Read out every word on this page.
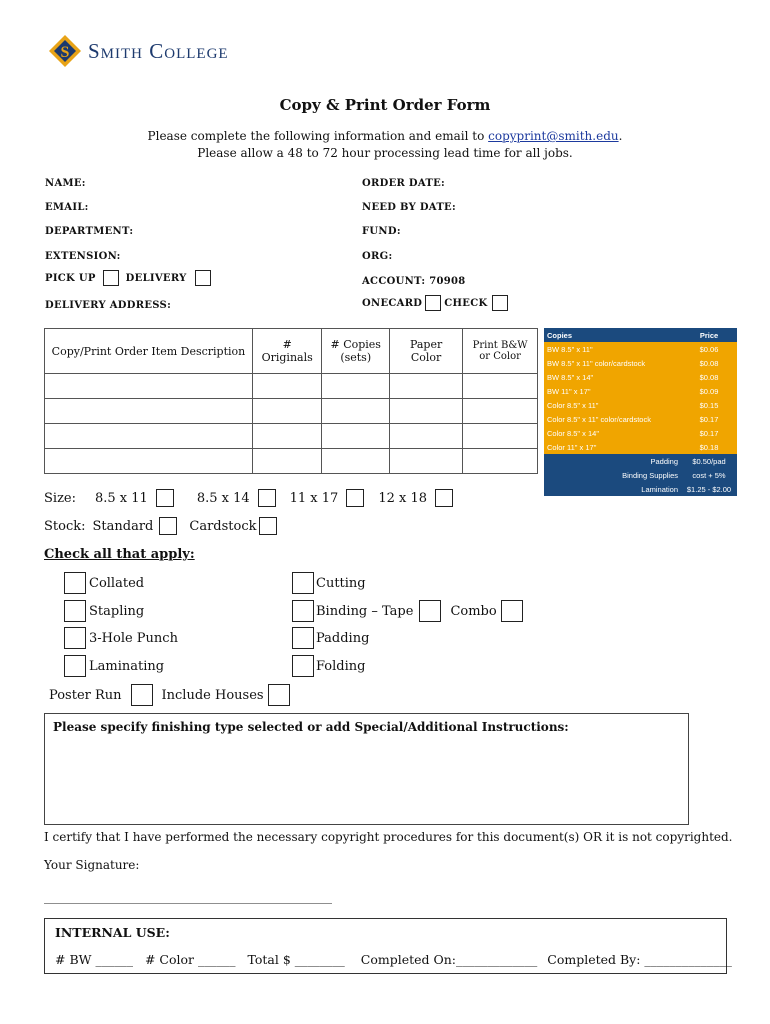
S Smith College
Copy & Print Order Form
Please complete the following information and email to copyprint@smith.edu.
Please allow a 48 to 72 hour processing lead time for all jobs.
NAME:
EMAIL:
DEPARTMENT:
EXTENSION:
PICK UP	DELIVERY
DELIVERY ADDRESS:
ORDER DATE:
NEED BY DATE:
FUND:
ORG:
ACCOUNT: 70908
ONECARD CHECK
Copy/Print Order Item Description	# Originals	# Copies (sets)	Paper Color	Print B&W or Color

Copies	Price
BW 8.5" x 11"	$0.06
BW 8.5" x 11" color/cardstock	$0.08
BW 8.5" x 14"	$0.08
BW 11" x 17"	$0.09
Color 8.5" x 11"	$0.15
Color 8.5" x 11" color/cardstock	$0.17
Color 8.5" x 14"	$0.17
Color 11" x 17"	$0.18
Padding	$0.50/pad
Binding Supplies	cost + 5%
Lamination	$1.25 - $2.00
Size: 8.5 x 11	8.5 x 14	11 x 17	12 x 18
Stock: Standard	Cardstock
Check all that apply:
Collated
Stapling
3-Hole Punch
Laminating
Cutting
Binding – Tape	Combo
Padding
Folding
Poster Run	Include Houses
Please specify finishing type selected or add Special/Additional Instructions:
I certify that I have performed the necessary copyright procedures for this document(s) OR it is not copyrighted.
Your Signature:
________________________________________________
INTERNAL USE:
# BW ______ # Color ______ Total $ ________ Completed On:_____________ Completed By: ______________
